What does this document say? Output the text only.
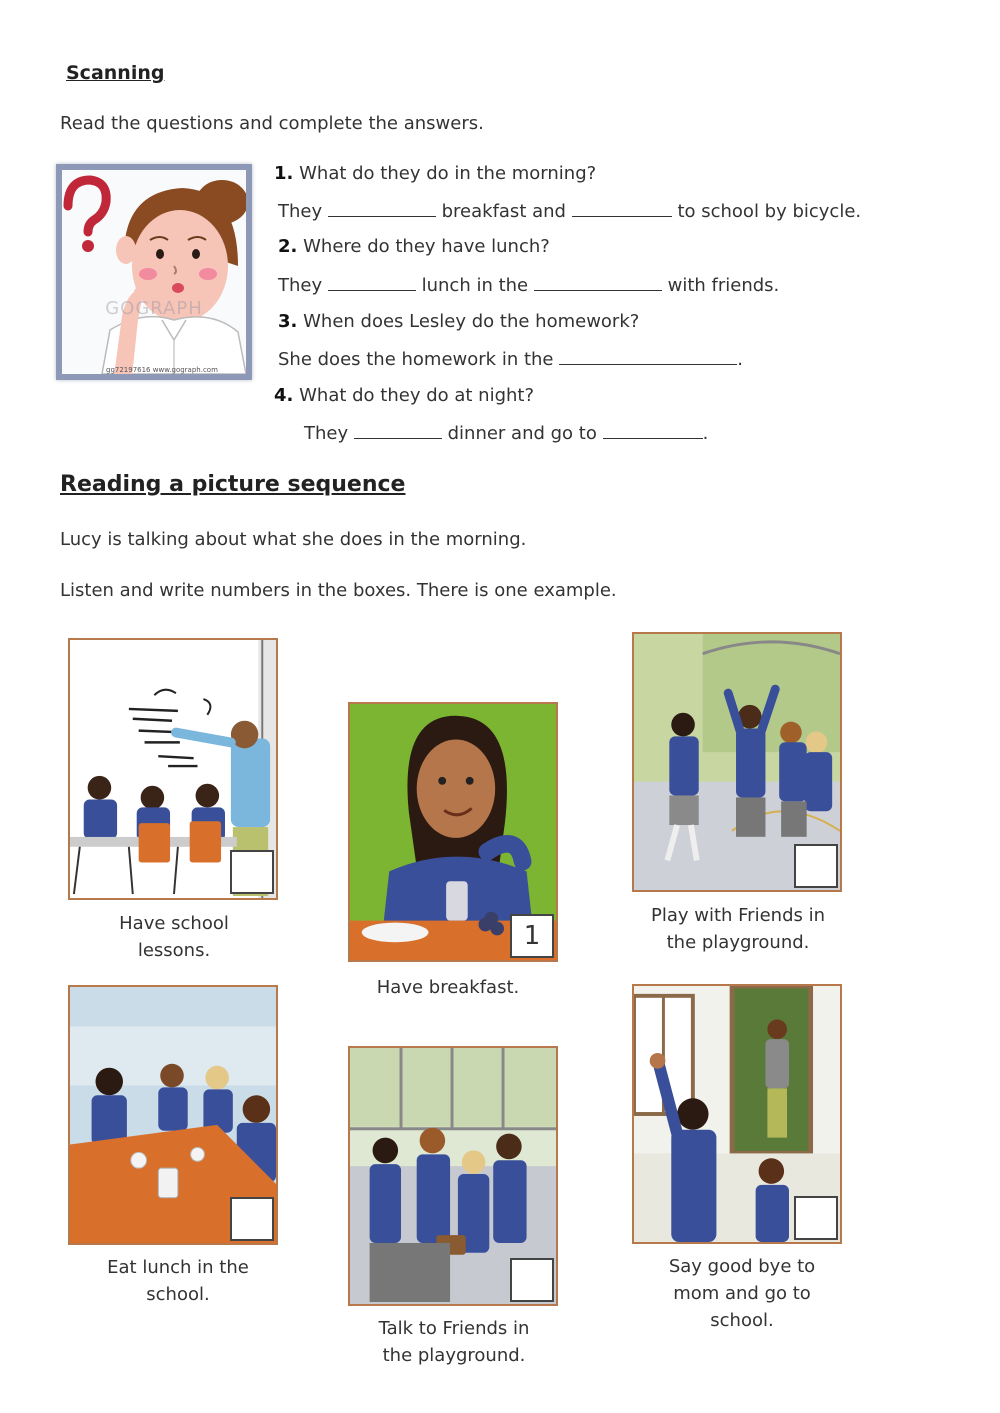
Scanning
Read the questions and complete the answers.
GOGRAPH
gg72197616 www.gograph.com
1. What do they do in the morning?
They	breakfast and	to school by bicycle.
2. Where do they have lunch?
They	lunch in the	with friends.
3. When does Lesley do the homework?
She does the homework in the	.
4. What do they do at night?
They	dinner and go to	.
Reading a picture sequence
Lucy is talking about what she does in the morning.
Listen and write numbers in the boxes. There is one example.
Have school
lessons.	1
Have breakfast.
Play with Friends in
the playground.
Eat lunch in the
school.
Talk to Friends in
the playground.
Say good bye to
mom and go to
school.
